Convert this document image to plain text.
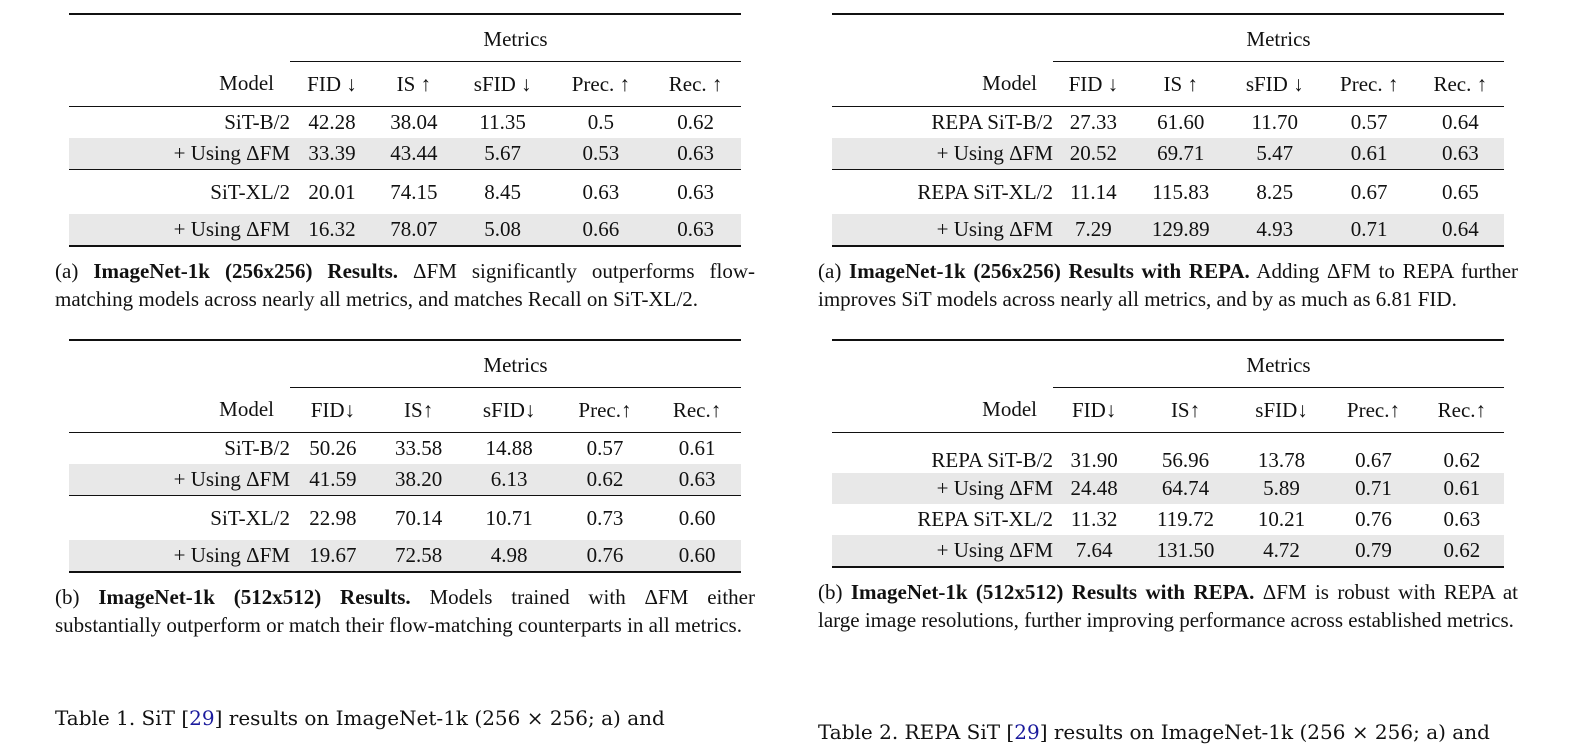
	Metrics				
Model	FID ↓	IS ↑	sFID ↓	Prec. ↑	Rec. ↑
SiT-B/2	42.28	38.04	11.35	0.5	0.62
+ Using ΔFM	33.39	43.44	5.67	0.53	0.63
SiT-XL/2	20.01	74.15	8.45	0.63	0.63
+ Using ΔFM	16.32	78.07	5.08	0.66	0.63
(a) ImageNet-1k (256x256) Results. ΔFM significantly outperforms flow-matching models across nearly all metrics, and matches Recall on SiT-XL/2.
	Metrics				
Model	FID↓	IS↑	sFID↓	Prec.↑	Rec.↑
SiT-B/2	50.26	33.58	14.88	0.57	0.61
+ Using ΔFM	41.59	38.20	6.13	0.62	0.63
SiT-XL/2	22.98	70.14	10.71	0.73	0.60
+ Using ΔFM	19.67	72.58	4.98	0.76	0.60
(b) ImageNet-1k (512x512) Results. Models trained with ΔFM either substantially outperform or match their flow-matching counterparts in all metrics.
Table 1. SiT [29] results on ImageNet-1k (256 × 256; a) and
	Metrics				
Model	FID ↓	IS ↑	sFID ↓	Prec. ↑	Rec. ↑
REPA SiT-B/2	27.33	61.60	11.70	0.57	0.64
+ Using ΔFM	20.52	69.71	5.47	0.61	0.63
REPA SiT-XL/2	11.14	115.83	8.25	0.67	0.65
+ Using ΔFM	7.29	129.89	4.93	0.71	0.64
(a) ImageNet-1k (256x256) Results with REPA. Adding ΔFM to REPA further improves SiT models across nearly all metrics, and by as much as 6.81 FID.
	Metrics				
Model	FID↓	IS↑	sFID↓	Prec.↑	Rec.↑
REPA SiT-B/2	31.90	56.96	13.78	0.67	0.62
+ Using ΔFM	24.48	64.74	5.89	0.71	0.61
REPA SiT-XL/2	11.32	119.72	10.21	0.76	0.63
+ Using ΔFM	7.64	131.50	4.72	0.79	0.62
(b) ImageNet-1k (512x512) Results with REPA. ΔFM is robust with REPA at large image resolutions, further improving performance across established metrics.
Table 2. REPA SiT [29] results on ImageNet-1k (256 × 256; a) and
